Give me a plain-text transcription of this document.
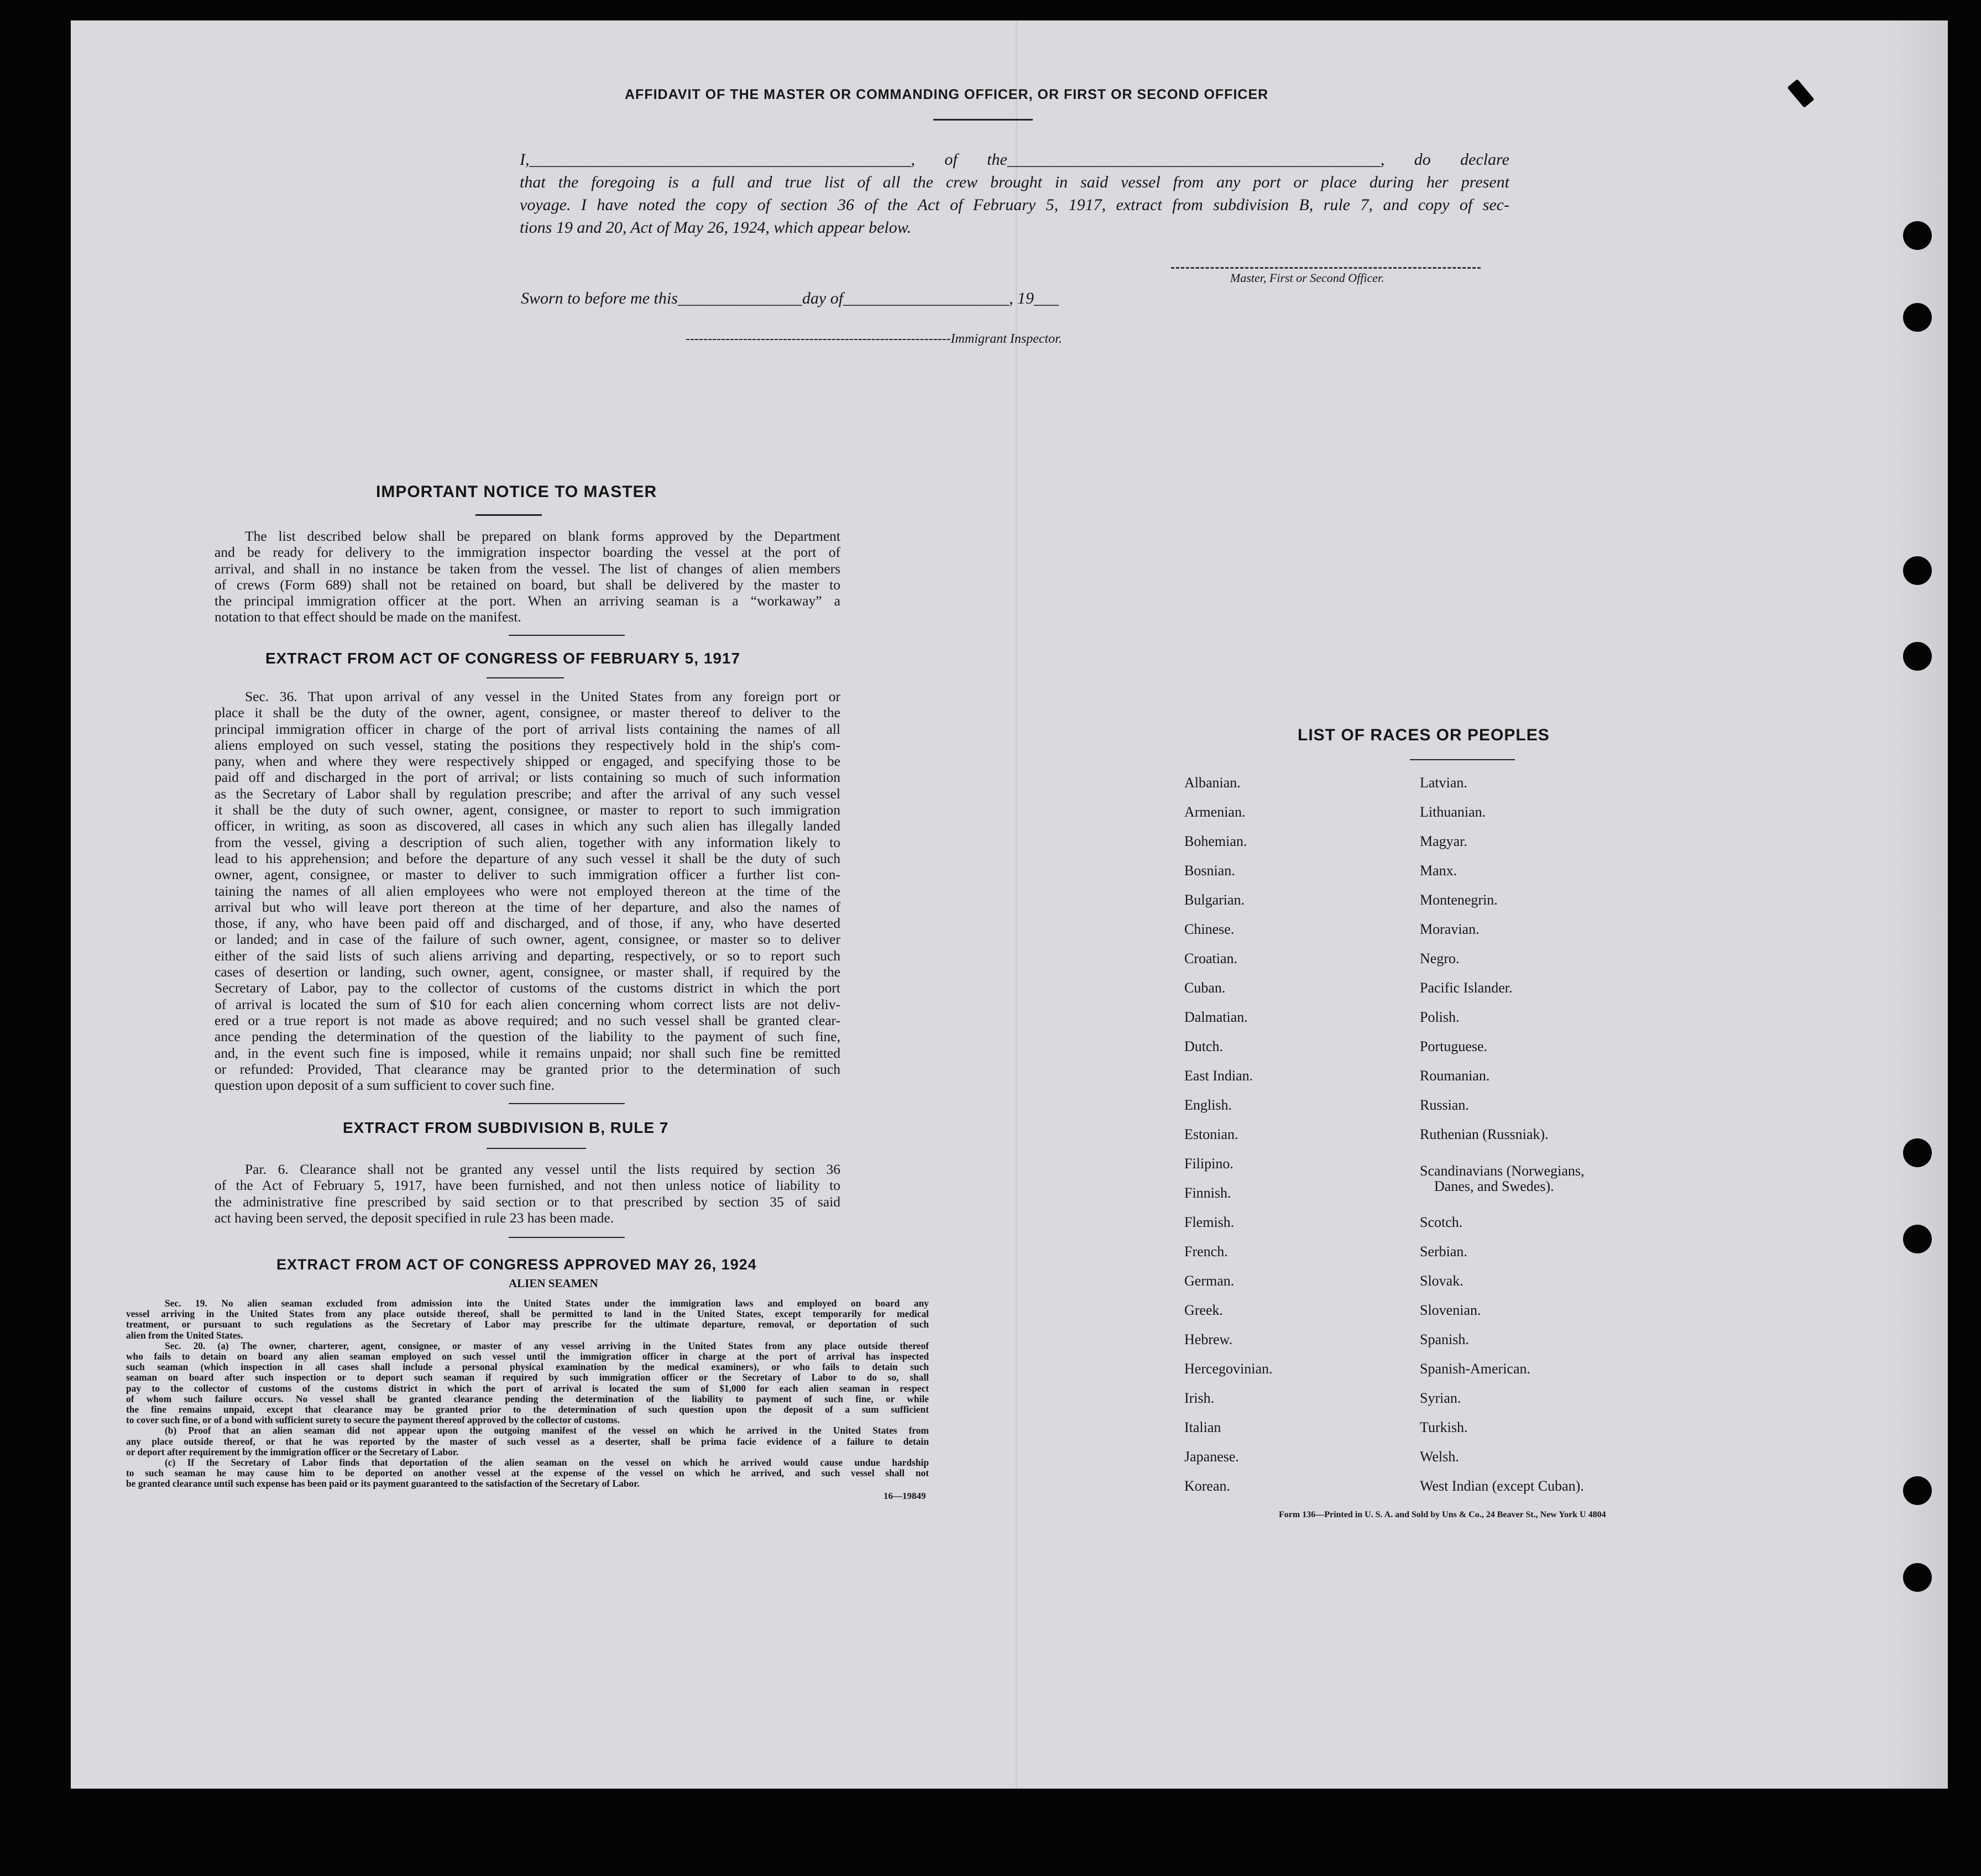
AFFIDAVIT OF THE MASTER OR COMMANDING OFFICER, OR FIRST OR SECOND OFFICER

I,______________________________________________, of the_____________________________________________, do declare

that the foregoing is a full and true list of all the crew brought in said vessel from any port or place during her present

voyage. I have noted the copy of section 36 of the Act of February 5, 1917, extract from subdivision B, rule 7, and copy of sec-

tions 19 and 20, Act of May 26, 1924, which appear below.

Master, First or Second Officer.
Sworn to before me this_______________day of____________________, 19___
------------------------------------------------------------Immigrant Inspector.
IMPORTANT NOTICE TO MASTER

The list described below shall be prepared on blank forms approved by the Department

and be ready for delivery to the immigration inspector boarding the vessel at the port of

arrival, and shall in no instance be taken from the vessel. The list of changes of alien members

of crews (Form 689) shall not be retained on board, but shall be delivered by the master to

the principal immigration officer at the port. When an arriving seaman is a “workaway” a

notation to that effect should be made on the manifest.

EXTRACT FROM ACT OF CONGRESS OF FEBRUARY 5, 1917

Sec. 36. That upon arrival of any vessel in the United States from any foreign port or

place it shall be the duty of the owner, agent, consignee, or master thereof to deliver to the

principal immigration officer in charge of the port of arrival lists containing the names of all

aliens employed on such vessel, stating the positions they respectively hold in the ship's com-

pany, when and where they were respectively shipped or engaged, and specifying those to be

paid off and discharged in the port of arrival; or lists containing so much of such information

as the Secretary of Labor shall by regulation prescribe; and after the arrival of any such vessel

it shall be the duty of such owner, agent, consignee, or master to report to such immigration

officer, in writing, as soon as discovered, all cases in which any such alien has illegally landed

from the vessel, giving a description of such alien, together with any information likely to

lead to his apprehension; and before the departure of any such vessel it shall be the duty of such

owner, agent, consignee, or master to deliver to such immigration officer a further list con-

taining the names of all alien employees who were not employed thereon at the time of the

arrival but who will leave port thereon at the time of her departure, and also the names of

those, if any, who have been paid off and discharged, and of those, if any, who have deserted

or landed; and in case of the failure of such owner, agent, consignee, or master so to deliver

either of the said lists of such aliens arriving and departing, respectively, or so to report such

cases of desertion or landing, such owner, agent, consignee, or master shall, if required by the

Secretary of Labor, pay to the collector of customs of the customs district in which the port

of arrival is located the sum of $10 for each alien concerning whom correct lists are not deliv-

ered or a true report is not made as above required; and no such vessel shall be granted clear-

ance pending the determination of the question of the liability to the payment of such fine,

and, in the event such fine is imposed, while it remains unpaid; nor shall such fine be remitted

or refunded: Provided, That clearance may be granted prior to the determination of such

question upon deposit of a sum sufficient to cover such fine.

EXTRACT FROM SUBDIVISION B, RULE 7

Par. 6. Clearance shall not be granted any vessel until the lists required by section 36

of the Act of February 5, 1917, have been furnished, and not then unless notice of liability to

the administrative fine prescribed by said section or to that prescribed by section 35 of said

act having been served, the deposit specified in rule 23 has been made.

EXTRACT FROM ACT OF CONGRESS APPROVED MAY 26, 1924
ALIEN SEAMEN

Sec. 19. No alien seaman excluded from admission into the United States under the immigration laws and employed on board any

vessel arriving in the United States from any place outside thereof, shall be permitted to land in the United States, except temporarily for medical

treatment, or pursuant to such regulations as the Secretary of Labor may prescribe for the ultimate departure, removal, or deportation of such

alien from the United States.

Sec. 20. (a) The owner, charterer, agent, consignee, or master of any vessel arriving in the United States from any place outside thereof

who fails to detain on board any alien seaman employed on such vessel until the immigration officer in charge at the port of arrival has inspected

such seaman (which inspection in all cases shall include a personal physical examination by the medical examiners), or who fails to detain such

seaman on board after such inspection or to deport such seaman if required by such immigration officer or the Secretary of Labor to do so, shall

pay to the collector of customs of the customs district in which the port of arrival is located the sum of $1,000 for each alien seaman in respect

of whom such failure occurs. No vessel shall be granted clearance pending the determination of the liability to payment of such fine, or while

the fine remains unpaid, except that clearance may be granted prior to the determination of such question upon the deposit of a sum sufficient

to cover such fine, or of a bond with sufficient surety to secure the payment thereof approved by the collector of customs.

(b) Proof that an alien seaman did not appear upon the outgoing manifest of the vessel on which he arrived in the United States from

any place outside thereof, or that he was reported by the master of such vessel as a deserter, shall be prima facie evidence of a failure to detain

or deport after requirement by the immigration officer or the Secretary of Labor.

(c) If the Secretary of Labor finds that deportation of the alien seaman on the vessel on which he arrived would cause undue hardship

to such seaman he may cause him to be deported on another vessel at the expense of the vessel on which he arrived, and such vessel shall not

be granted clearance until such expense has been paid or its payment guaranteed to the satisfaction of the Secretary of Labor.

16—19849
LIST OF RACES OR PEOPLES
Albanian.
Armenian.
Bohemian.
Bosnian.
Bulgarian.
Chinese.
Croatian.
Cuban.
Dalmatian.
Dutch.
East Indian.
English.
Estonian.
Filipino.
Finnish.
Flemish.
French.
German.
Greek.
Hebrew.
Hercegovinian.
Irish.
Italian
Japanese.
Korean.
Latvian.
Lithuanian.
Magyar.
Manx.
Montenegrin.
Moravian.
Negro.
Pacific Islander.
Polish.
Portuguese.
Roumanian.
Russian.
Ruthenian (Russniak).
Scandinavians (Norwegians,
Danes, and Swedes).
Scotch.
Serbian.
Slovak.
Slovenian.
Spanish.
Spanish-American.
Syrian.
Turkish.
Welsh.
West Indian (except Cuban).
Form 136—Printed in U. S. A. and Sold by Uns & Co., 24 Beaver St., New York U 4804
